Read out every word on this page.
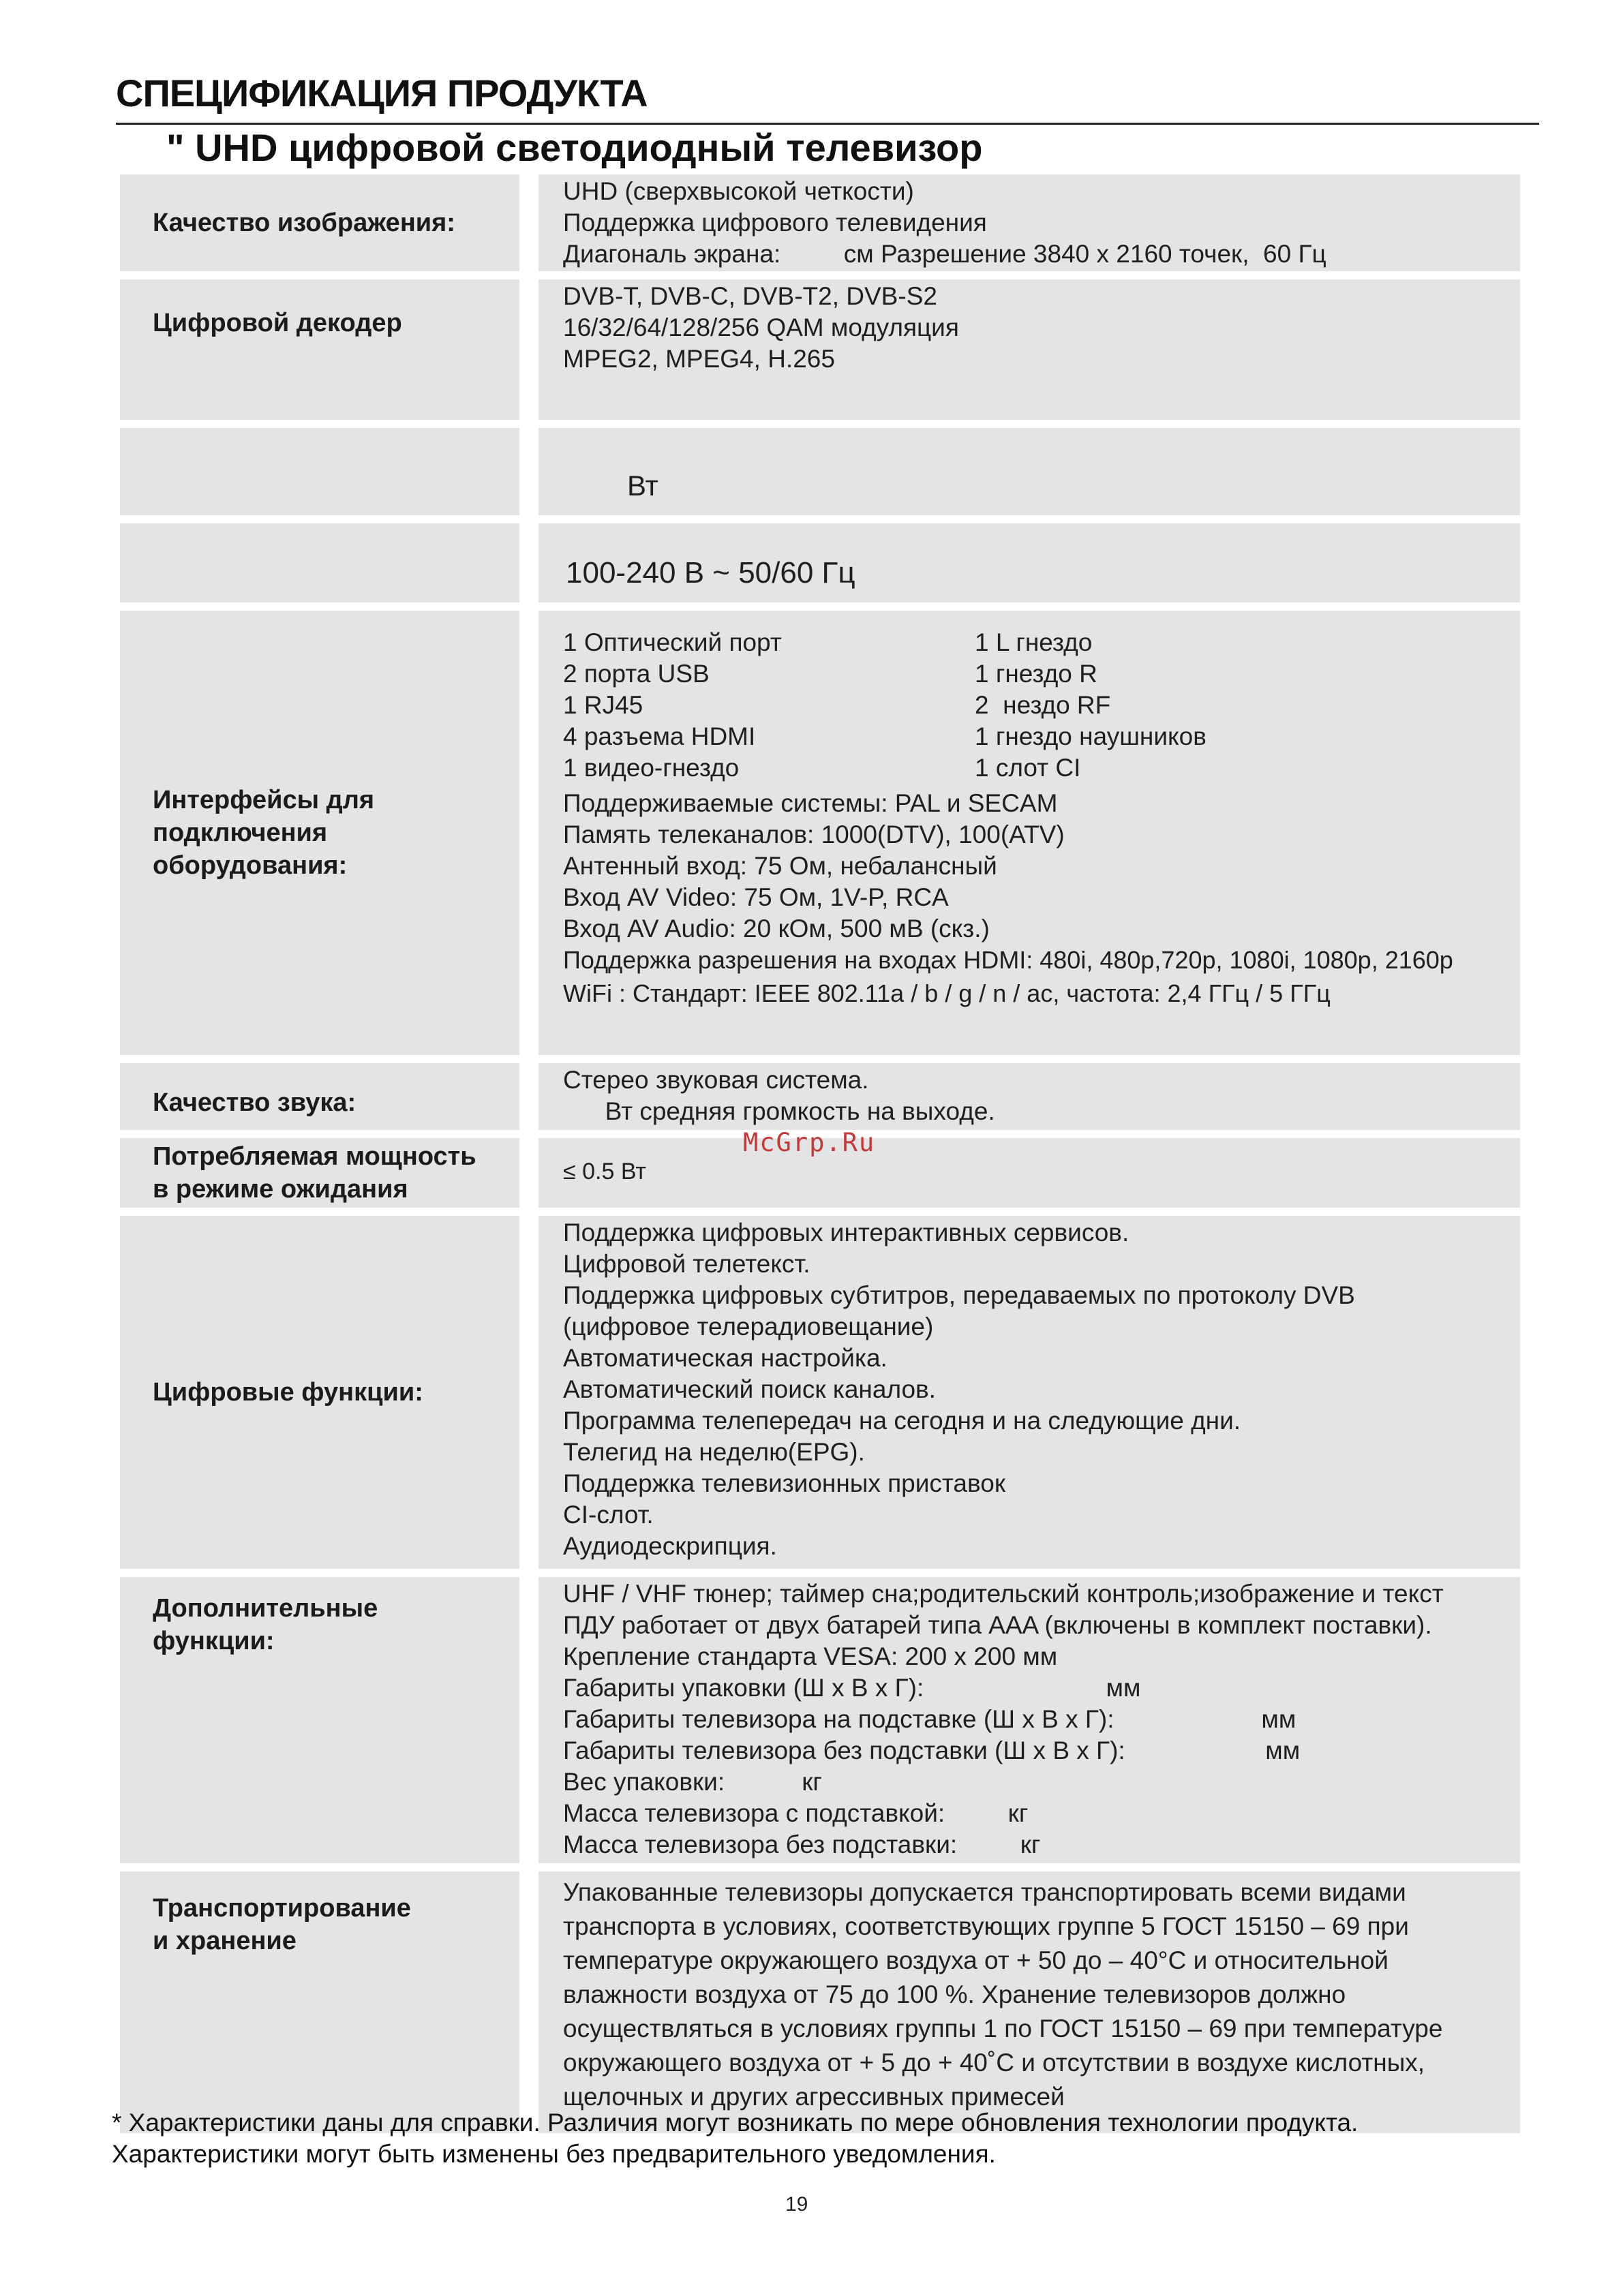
СПЕЦИФИКАЦИЯ ПРОДУКТА
" UHD цифровой светодиодный телевизор
Качество изображения:
UHD (сверхвысокой четкости)
Поддержка цифрового телевидения
Диагональ экрана:         см Разрешение 3840 x 2160 точек,  60 Гц
Цифровой декодер
DVB-T, DVB-C, DVB-T2, DVB-S2
16/32/64/128/256 QAM модуляция
MPEG2, MPEG4, H.265
Вт
100-240 В ~ 50/60 Гц
Интерфейсы для
подключения
оборудования:
1 Оптический порт
2 порта USB
1 RJ45
4 разъема HDMI
1 видео-гнездо
1 L гнездо
1 гнездо R
2  нездо RF
1 гнездо наушников
1 слот CI
Поддерживаемые системы: PAL и SECAM
Память телеканалов: 1000(DTV), 100(ATV)
Антенный вход: 75 Ом, небалансный
Вход AV Video: 75 Ом, 1V-P, RCA
Вход AV Audio: 20 кОм, 500 мВ (скз.)
Поддержка разрешения на входах HDMI: 480i, 480p,720p, 1080i, 1080p, 2160p
WiFi : Стандарт: IEEE 802.11a / b / g / n / ac, частота: 2,4 ГГц / 5 ГГц
Качество звука:
Стерео звуковая система.
Вт средняя громкость на выходе.
Потребляемая мощность
в режиме ожидания
≤ 0.5 Вт
Цифровые функции:
Поддержка цифровых интерактивных сервисов.
Цифровой телетекст.
Поддержка цифровых субтитров, передаваемых по протоколу DVB
(цифровое телерадиовещание)
Автоматическая настройка.
Автоматический поиск каналов.
Программа телепередач на сегодня и на следующие дни.
Телегид на неделю(EPG).
Поддержка телевизионных приставок
CI-слот.
Аудиодескрипция.
Дополнительные
функции:
UHF / VHF тюнер; таймер сна;родительский контроль;изображение и текст
ПДУ работает от двух батарей типа AAA (включены в комплект поставки).
Крепление стандарта VESA: 200 x 200 мм
Габариты упаковки (Ш x В x Г):                          мм
Габариты телевизора на подставке (Ш x В x Г):                     мм
Габариты телевизора без подставки (Ш x В x Г):                    мм
Вес упаковки:           кг
Масса телевизора с подставкой:         кг
Масса телевизора без подставки:         кг
Транспортирование
и хранение
Упакованные телевизоры допускается транспортировать всеми видами
транспорта в условиях, соответствующих группе 5 ГОСТ 15150 – 69 при
температуре окружающего воздуха от + 50 до – 40°C и относительной
влажности воздуха от 75 до 100 %. Хранение телевизоров должно
осуществляться в условиях группы 1 по ГОСТ 15150 – 69 при температуре
окружающего воздуха от + 5 до + 40˚C и отсутствии в воздухе кислотных,
щелочных и других агрессивных примесей
McGrp.Ru
* Характеристики даны для справки. Различия могут возникать по мере обновления технологии продукта.
Характеристики могут быть изменены без предварительного уведомления.
19
